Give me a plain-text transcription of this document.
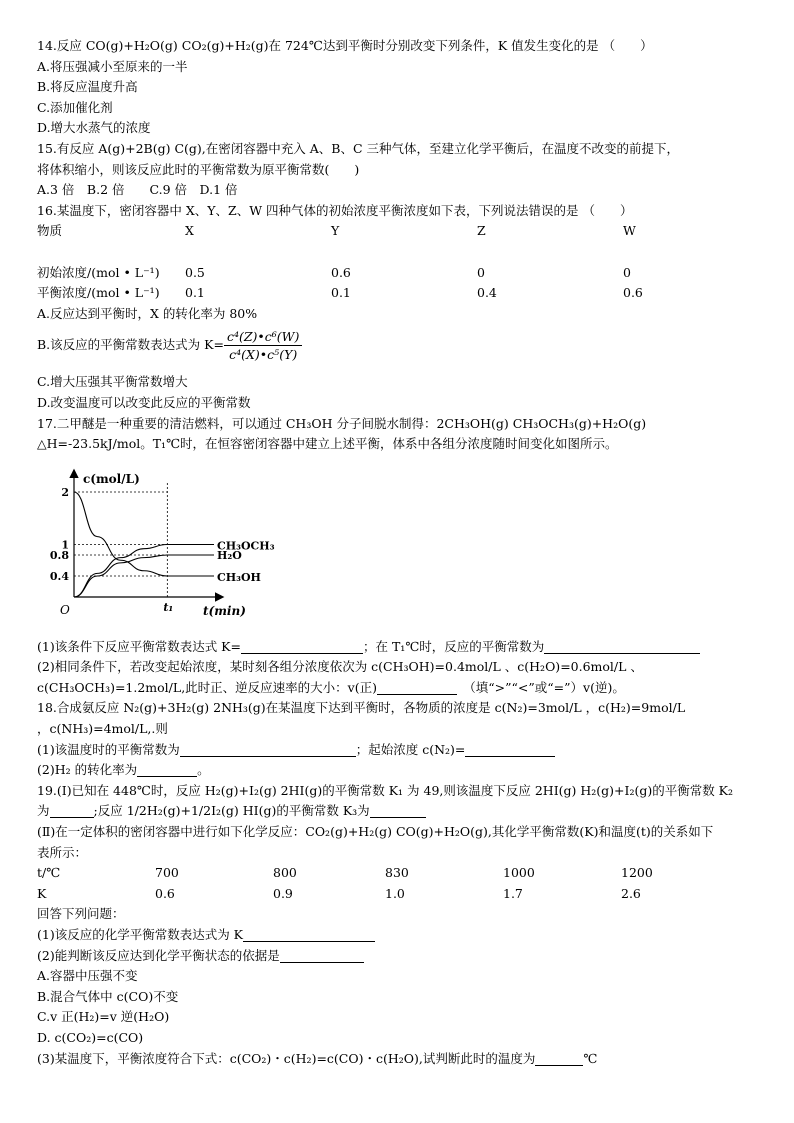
14.反应 CO(g)+H₂O(g) CO₂(g)+H₂(g)在 724℃达到平衡时分别改变下列条件，K 值发生变化的是 （　　）
A.将压强减小至原来的一半
B.将反应温度升高
C.添加催化剂
D.增大水蒸气的浓度
15.有反应 A(g)+2B(g) C(g),在密闭容器中充入 A、B、C 三种气体，至建立化学平衡后，在温度不改变的前提下，
将体积缩小，则该反应此时的平衡常数为原平衡常数(　　)
A.3 倍　B.2 倍　　C.9 倍　D.1 倍
16.某温度下，密闭容器中 X、Y、Z、W 四种气体的初始浓度平衡浓度如下表，下列说法错误的是 （　　）
物质	X	Y	Z	W
初始浓度/(mol • L⁻¹)	0.5	0.6	0	0
平衡浓度/(mol • L⁻¹)	0.1	0.1	0.4	0.6
A.反应达到平衡时，X 的转化率为 80%
B.该反应的平衡常数表达式为 $K= \frac{\text{c⁴(Z)•c⁶(W)}}{\text{c⁴(X)•c⁵(Y)}}$
C.增大压强其平衡常数增大
D.改变温度可以改变此反应的平衡常数
17.二甲醚是一种重要的清洁燃料，可以通过 CH₃OH 分子间脱水制得：2CH₃OH(g) CH₃OCH₃(g)+H₂O(g)
△H=-23.5kJ/mol。T₁℃时，在恒容密闭容器中建立上述平衡，体系中各组分浓度随时间变化如图所示。
c(mol/L)
t(min)
O
0.4
0.8
1
2
t₁
CH₃OCH₃
H₂O
CH₃OH
(1)该条件下反应平衡常数表达式 K=	；在 T₁℃时，反应的平衡常数为
(2)相同条件下，若改变起始浓度，某时刻各组分浓度依次为 c(CH₃OH)=0.4mol/L 、c(H₂O)=0.6mol/L 、
c(CH₃OCH₃)=1.2mol/L,此时正、逆反应速率的大小：v(正)　	（填“>”“<”或“=”）v(逆)。
18.合成氨反应 N₂(g)+3H₂(g) 2NH₃(g)在某温度下达到平衡时，各物质的浓度是 c(N₂)=3mol/L ，c(H₂)=9mol/L
，c(NH₃)=4mol/L,.则
(1)该温度时的平衡常数为	；起始浓度 c(N₂)=
(2)H₂ 的转化率为	。
19.(I)已知在 448℃时，反应 H₂(g)+I₂(g) 2HI(g)的平衡常数 K₁ 为 49,则该温度下反应 2HI(g) H₂(g)+I₂(g)的平衡常数 K₂
为	;反应 1/2H₂(g)+1/2I₂(g) HI(g)的平衡常数 K₃为
(Ⅱ)在一定体积的密闭容器中进行如下化学反应：CO₂(g)+H₂(g) CO(g)+H₂O(g),其化学平衡常数(K)和温度(t)的关系如下
表所示：
t/℃	700	800	830	1000	1200
K	0.6	0.9	1.0	1.7	2.6
回答下列问题：
(1)该反应的化学平衡常数表达式为 K
(2)能判断该反应达到化学平衡状态的依据是
A.容器中压强不变
B.混合气体中 c(CO)不变
C.v 正(H₂)=v 逆(H₂O)
D. c(CO₂)=c(CO)
(3)某温度下，平衡浓度符合下式：c(CO₂)・c(H₂)=c(CO)・c(H₂O),试判断此时的温度为	℃
